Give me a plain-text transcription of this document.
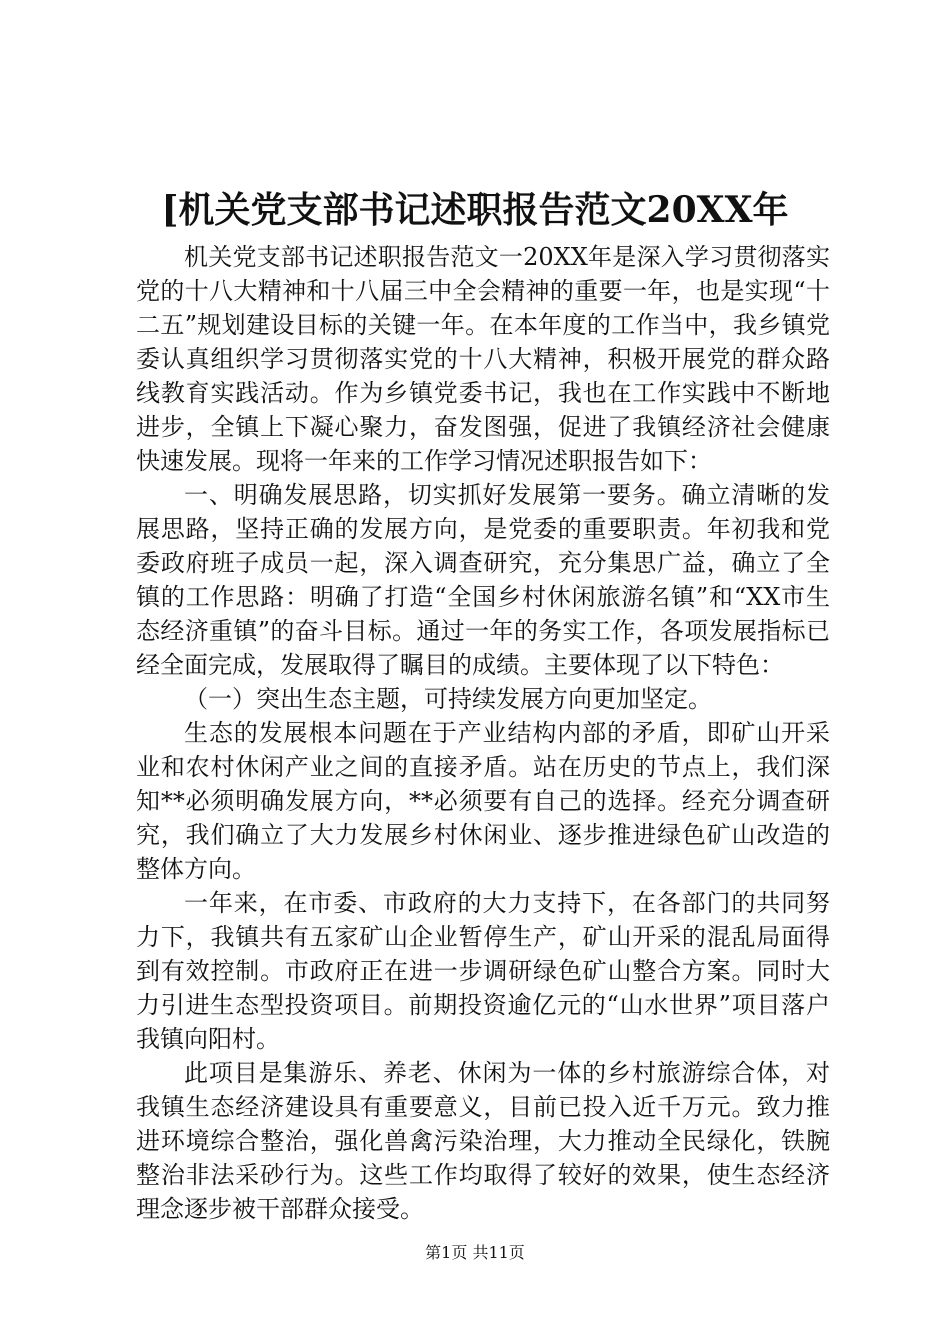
[机关党支部书记述职报告范文20XX年

机关党支部书记述职报告范文一20XX年是深入学习贯彻落实党的十八大精神和十八届三中全会精神的重要一年，也是实现“十二五”规划建设目标的关键一年。在本年度的工作当中，我乡镇党委认真组织学习贯彻落实党的十八大精神，积极开展党的群众路线教育实践活动。作为乡镇党委书记，我也在工作实践中不断地进步，全镇上下凝心聚力，奋发图强，促进了我镇经济社会健康快速发展。现将一年来的工作学习情况述职报告如下：

一、明确发展思路，切实抓好发展第一要务。确立清晰的发展思路，坚持正确的发展方向，是党委的重要职责。年初我和党委政府班子成员一起，深入调查研究，充分集思广益，确立了全镇的工作思路：明确了打造“全国乡村休闲旅游名镇”和“XX市生态经济重镇”的奋斗目标。通过一年的务实工作，各项发展指标已经全面完成，发展取得了瞩目的成绩。主要体现了以下特色：

（一）突出生态主题，可持续发展方向更加坚定。

生态的发展根本问题在于产业结构内部的矛盾，即矿山开采业和农村休闲产业之间的直接矛盾。站在历史的节点上，我们深知**必须明确发展方向，**必须要有自己的选择。经充分调查研究，我们确立了大力发展乡村休闲业、逐步推进绿色矿山改造的整体方向。

一年来，在市委、市政府的大力支持下，在各部门的共同努力下，我镇共有五家矿山企业暂停生产，矿山开采的混乱局面得到有效控制。市政府正在进一步调研绿色矿山整合方案。同时大力引进生态型投资项目。前期投资逾亿元的“山水世界”项目落户我镇向阳村。

此项目是集游乐、养老、休闲为一体的乡村旅游综合体，对我镇生态经济建设具有重要意义，目前已投入近千万元。致力推进环境综合整治，强化兽禽污染治理，大力推动全民绿化，铁腕整治非法采砂行为。这些工作均取得了较好的效果，使生态经济理念逐步被干部群众接受。

第1页 共11页
